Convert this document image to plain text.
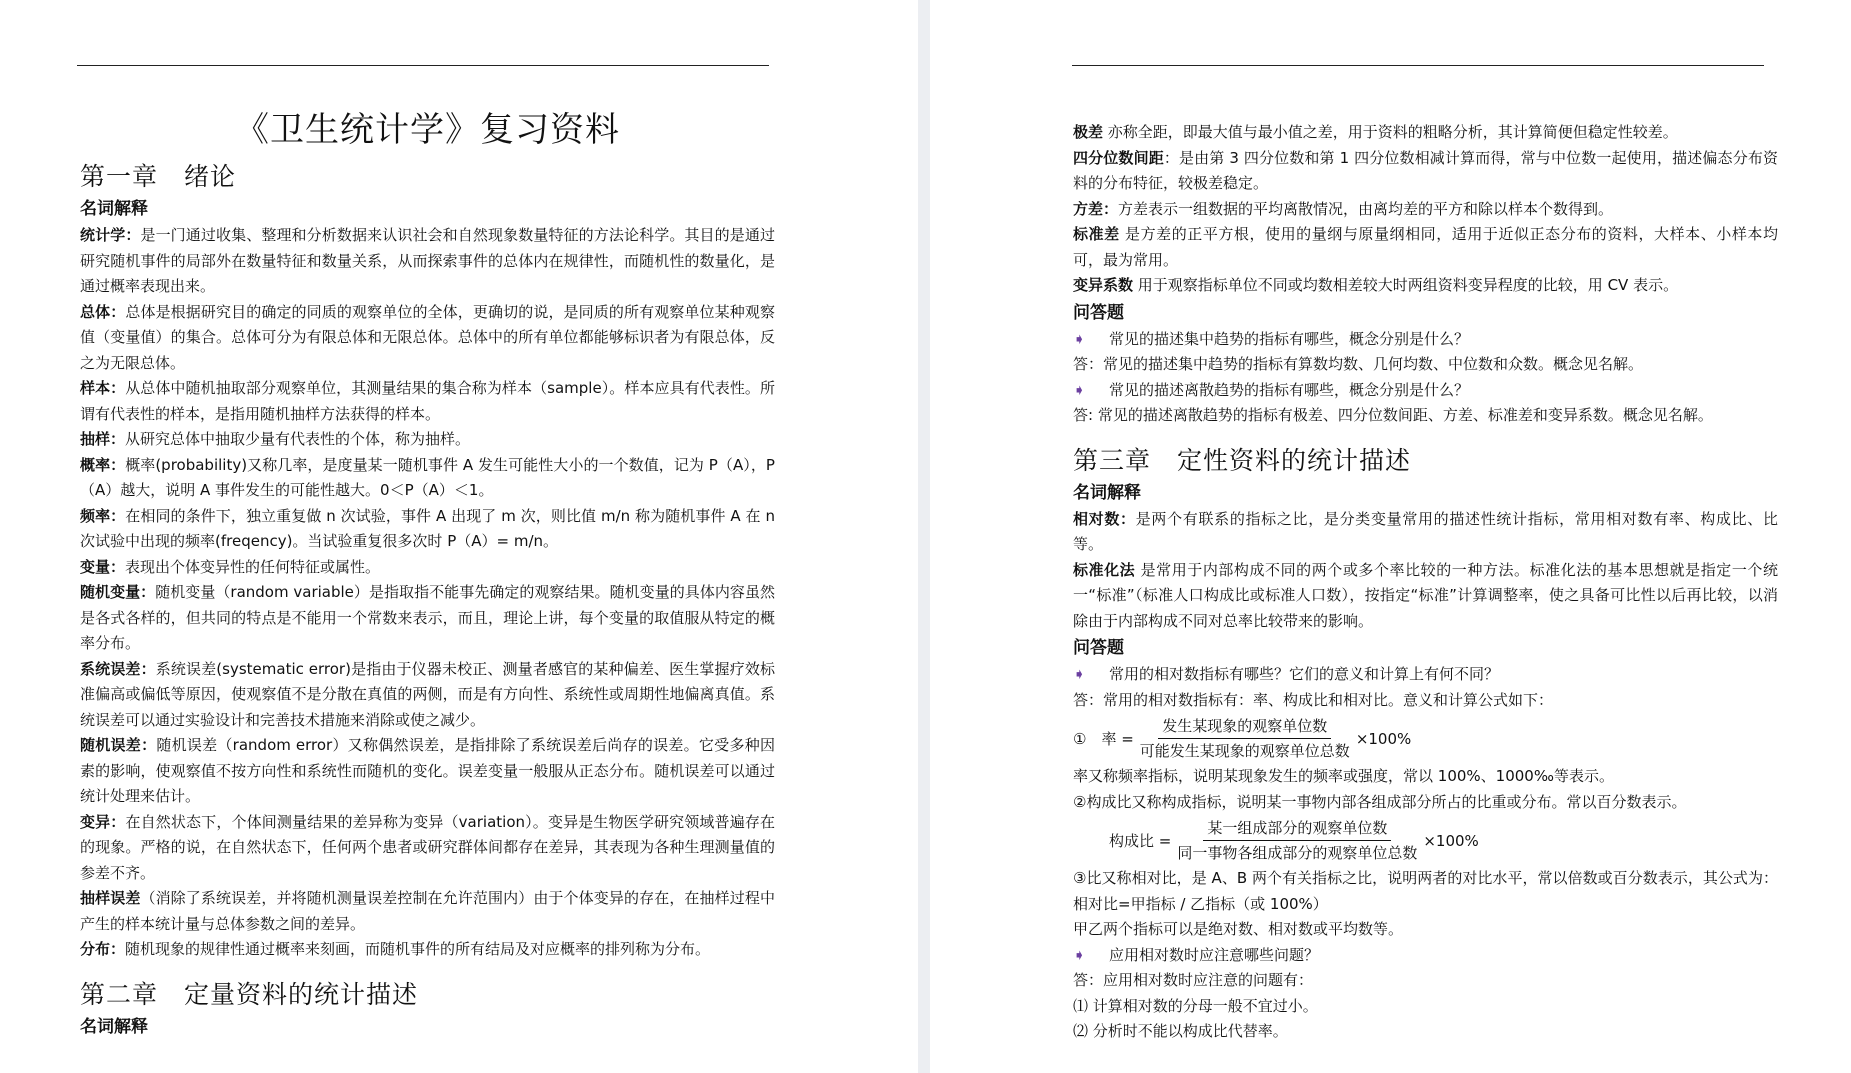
《卫生统计学》复习资料
第一章　绪论
名词解释

统计学：是一门通过收集、整理和分析数据来认识社会和自然现象数量特征的方法论科学。其目的是通过研究随机事件的局部外在数量特征和数量关系，从而探索事件的总体内在规律性，而随机性的数量化，是通过概率表现出来。

总体：总体是根据研究目的确定的同质的观察单位的全体，更确切的说，是同质的所有观察单位某种观察值（变量值）的集合。总体可分为有限总体和无限总体。总体中的所有单位都能够标识者为有限总体，反之为无限总体。

样本：从总体中随机抽取部分观察单位，其测量结果的集合称为样本（sample）。样本应具有代表性。所谓有代表性的样本，是指用随机抽样方法获得的样本。

抽样：从研究总体中抽取少量有代表性的个体，称为抽样。

概率：概率(probability)又称几率，是度量某一随机事件 A 发生可能性大小的一个数值，记为 P（A），P（A）越大，说明 A 事件发生的可能性越大。0＜P（A）＜1。

频率：在相同的条件下，独立重复做 n 次试验，事件 A 出现了 m 次，则比值 m/n 称为随机事件 A 在 n 次试验中出现的频率(freqency)。当试验重复很多次时 P（A）= m/n。

变量：表现出个体变异性的任何特征或属性。

随机变量：随机变量（random variable）是指取指不能事先确定的观察结果。随机变量的具体内容虽然是各式各样的，但共同的特点是不能用一个常数来表示，而且，理论上讲，每个变量的取值服从特定的概率分布。

系统误差：系统误差(systematic error)是指由于仪器未校正、测量者感官的某种偏差、医生掌握疗效标准偏高或偏低等原因，使观察值不是分散在真值的两侧，而是有方向性、系统性或周期性地偏离真值。系统误差可以通过实验设计和完善技术措施来消除或使之减少。

随机误差：随机误差（random error）又称偶然误差，是指排除了系统误差后尚存的误差。它受多种因素的影响，使观察值不按方向性和系统性而随机的变化。误差变量一般服从正态分布。随机误差可以通过统计处理来估计。

变异：在自然状态下，个体间测量结果的差异称为变异（variation）。变异是生物医学研究领域普遍存在的现象。严格的说，在自然状态下，任何两个患者或研究群体间都存在差异，其表现为各种生理测量值的参差不齐。

抽样误差（消除了系统误差，并将随机测量误差控制在允许范围内）由于个体变异的存在，在抽样过程中产生的样本统计量与总体参数之间的差异。

分布：随机现象的规律性通过概率来刻画，而随机事件的所有结局及对应概率的排列称为分布。

第二章　定量资料的统计描述
名词解释

极差 亦称全距，即最大值与最小值之差，用于资料的粗略分析，其计算简便但稳定性较差。

四分位数间距：是由第 3 四分位数和第 1 四分位数相减计算而得，常与中位数一起使用，描述偏态分布资料的分布特征，较极差稳定。

方差：方差表示一组数据的平均离散情况，由离均差的平方和除以样本个数得到。

标准差 是方差的正平方根，使用的量纲与原量纲相同，适用于近似正态分布的资料，大样本、小样本均可，最为常用。

变异系数 用于观察指标单位不同或均数相差较大时两组资料变异程度的比较，用 CV 表示。

问答题
➧	常见的描述集中趋势的指标有哪些，概念分别是什么？

答：常见的描述集中趋势的指标有算数均数、几何均数、中位数和众数。概念见名解。

➧	常见的描述离散趋势的指标有哪些，概念分别是什么？

答: 常见的描述离散趋势的指标有极差、四分位数间距、方差、标准差和变异系数。概念见名解。

第三章　定性资料的统计描述
名词解释

相对数：是两个有联系的指标之比，是分类变量常用的描述性统计指标，常用相对数有率、构成比、比等。

标准化法 是常用于内部构成不同的两个或多个率比较的一种方法。标准化法的基本思想就是指定一个统一“标准”（标准人口构成比或标准人口数），按指定“标准”计算调整率，使之具备可比性以后再比较，以消除由于内部构成不同对总率比较带来的影响。

问答题
➧	常用的相对数指标有哪些？它们的意义和计算上有何不同？

答：常用的相对数指标有：率、构成比和相对比。意义和计算公式如下：

①　率 = $\frac{\text{发生某现象的观察单位数}}{\text{可能发生某现象的观察单位总数}} \times 100\%$

率又称频率指标，说明某现象发生的频率或强度，常以 100%、1000‰等表示。

②构成比又称构成指标，说明某一事物内部各组成部分所占的比重或分布。常以百分数表示。

构成比 = $\frac{\text{某一组成部分的观察单位数}}{\text{同一事物各组成部分的观察单位总数}} \times 100\%$

③比又称相对比，是 A、B 两个有关指标之比，说明两者的对比水平，常以倍数或百分数表示，其公式为：相对比=甲指标 / 乙指标（或 100%）

甲乙两个指标可以是绝对数、相对数或平均数等。

➧	应用相对数时应注意哪些问题？

答：应用相对数时应注意的问题有：

⑴ 计算相对数的分母一般不宜过小。

⑵ 分析时不能以构成比代替率。
